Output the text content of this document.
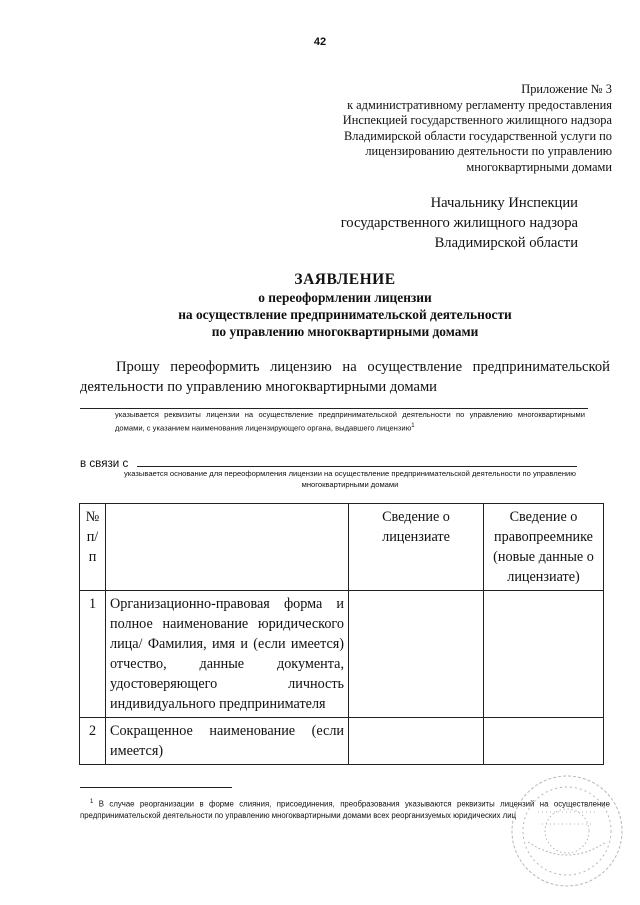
42
Приложение № 3
к административному регламенту предоставления
Инспекцией государственного жилищного надзора
Владимирской области государственной услуги по
лицензированию деятельности по управлению
многоквартирными домами
Начальнику Инспекции
государственного жилищного надзора
Владимирской области
ЗАЯВЛЕНИЕ
о переоформлении лицензии
на осуществление предпринимательской деятельности
по управлению многоквартирными домами
Прошу переоформить лицензию на осуществление предпринимательской деятельности по управлению многоквартирными домами
указывается реквизиты лицензии на осуществление предпринимательской деятельности по управлению многоквартирными домами, с указанием наименования лицензирующего органа, выдавшего лицензию$^1$
в связи с
указывается основание для переоформления лицензии на осуществление предпринимательской деятельности по управлению многоквартирными домами
№ п/п		Сведение о лицензиате	Сведение о правопреемнике (новые данные о лицензиате)
1	Организационно-правовая форма и полное наименование юридического лица/ Фамилия, имя и (если имеется) отчество, данные документа, удостоверяющего личность индивидуального предпринимателя		
2	Сокращенное наименование (если имеется)		
$^1$ В случае реорганизации в форме слияния, присоединения, преобразования указываются реквизиты лицензий на осуществление предпринимательской деятельности по управлению многоквартирными домами всех реорганизуемых юридических лиц
